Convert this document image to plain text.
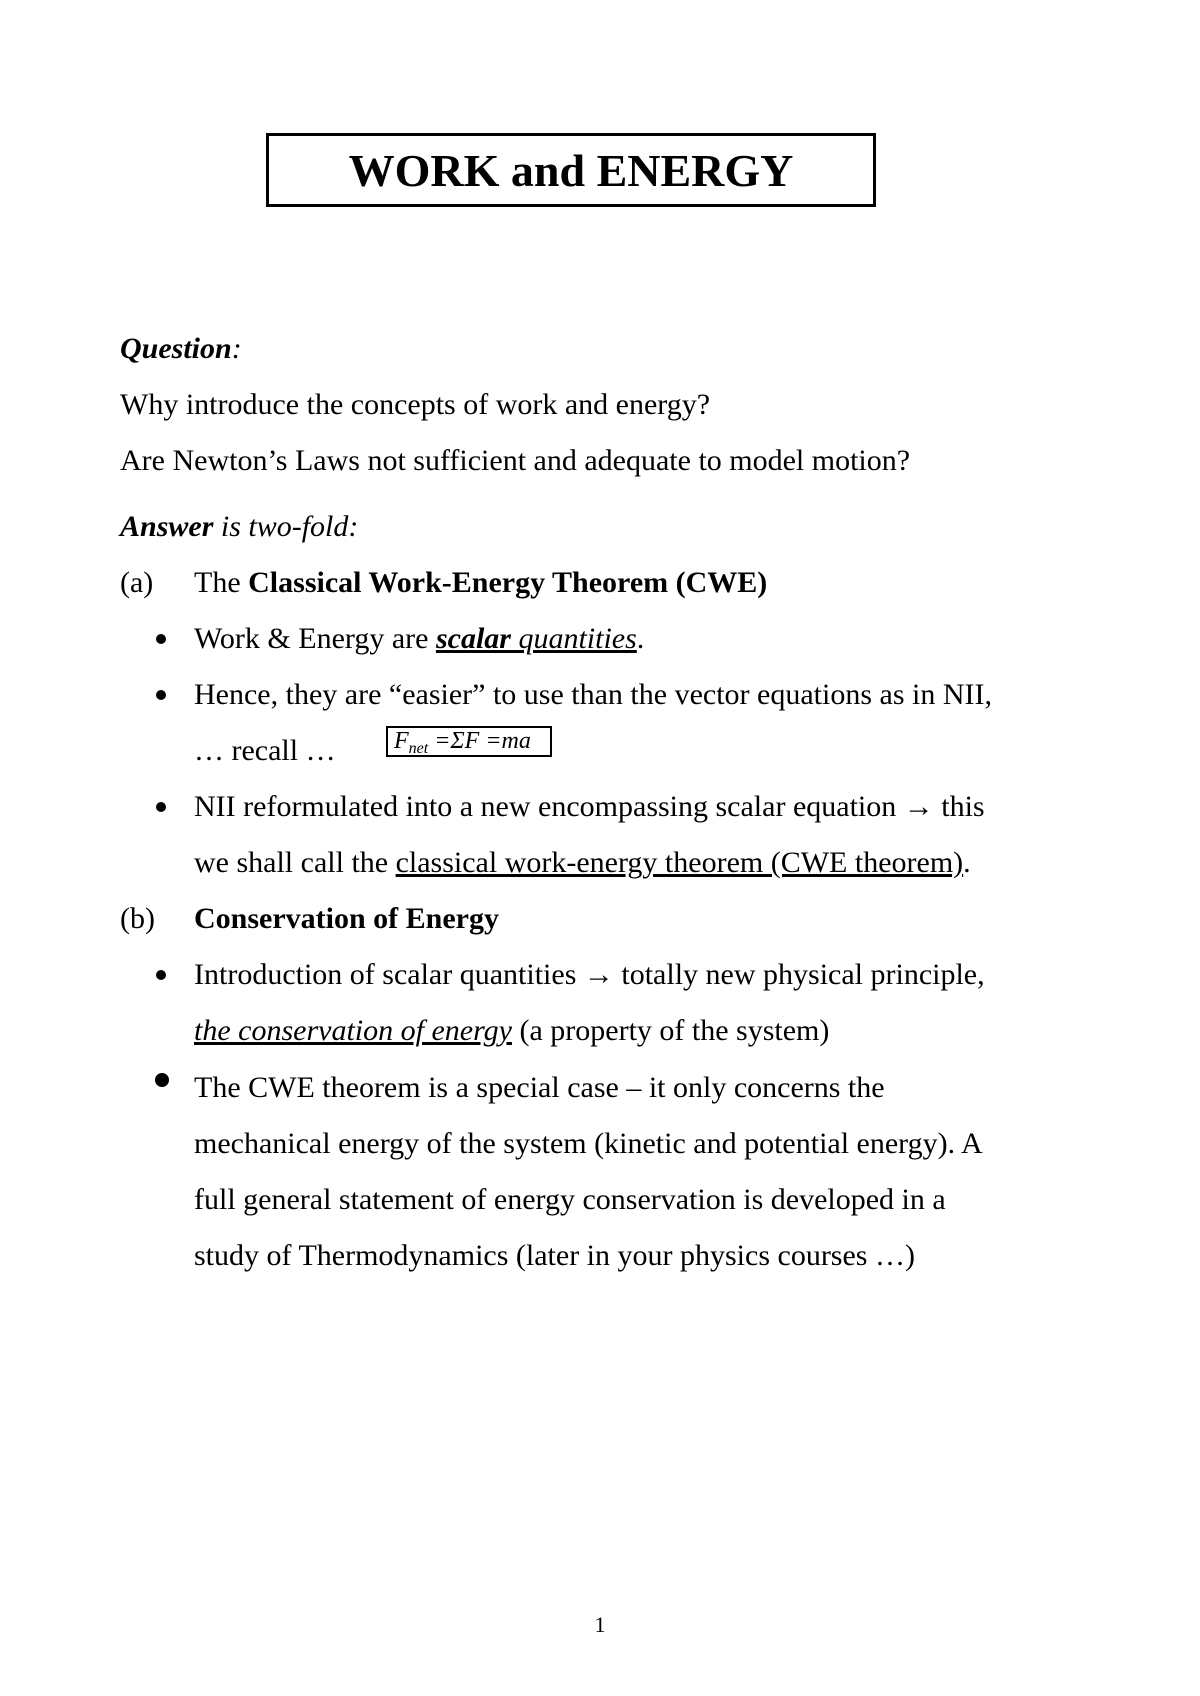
WORK and ENERGY
Question:
Why introduce the concepts of work and energy?
Are Newton’s Laws not sufficient and adequate to model motion?
Answer is two-fold:
(a) The Classical Work-Energy Theorem (CWE)
Work & Energy are scalar quantities.
Hence, they are “easier” to use than the vector equations as in NII,
… recall …	$F_{net} =\Sigma F =ma$
NII reformulated into a new encompassing scalar equation → this
we shall call the classical work-energy theorem (CWE theorem).
(b) Conservation of Energy
Introduction of scalar quantities → totally new physical principle,
the conservation of energy (a property of the system)
The CWE theorem is a special case – it only concerns the
mechanical energy of the system (kinetic and potential energy). A
full general statement of energy conservation is developed in a
study of Thermodynamics (later in your physics courses …)
1
